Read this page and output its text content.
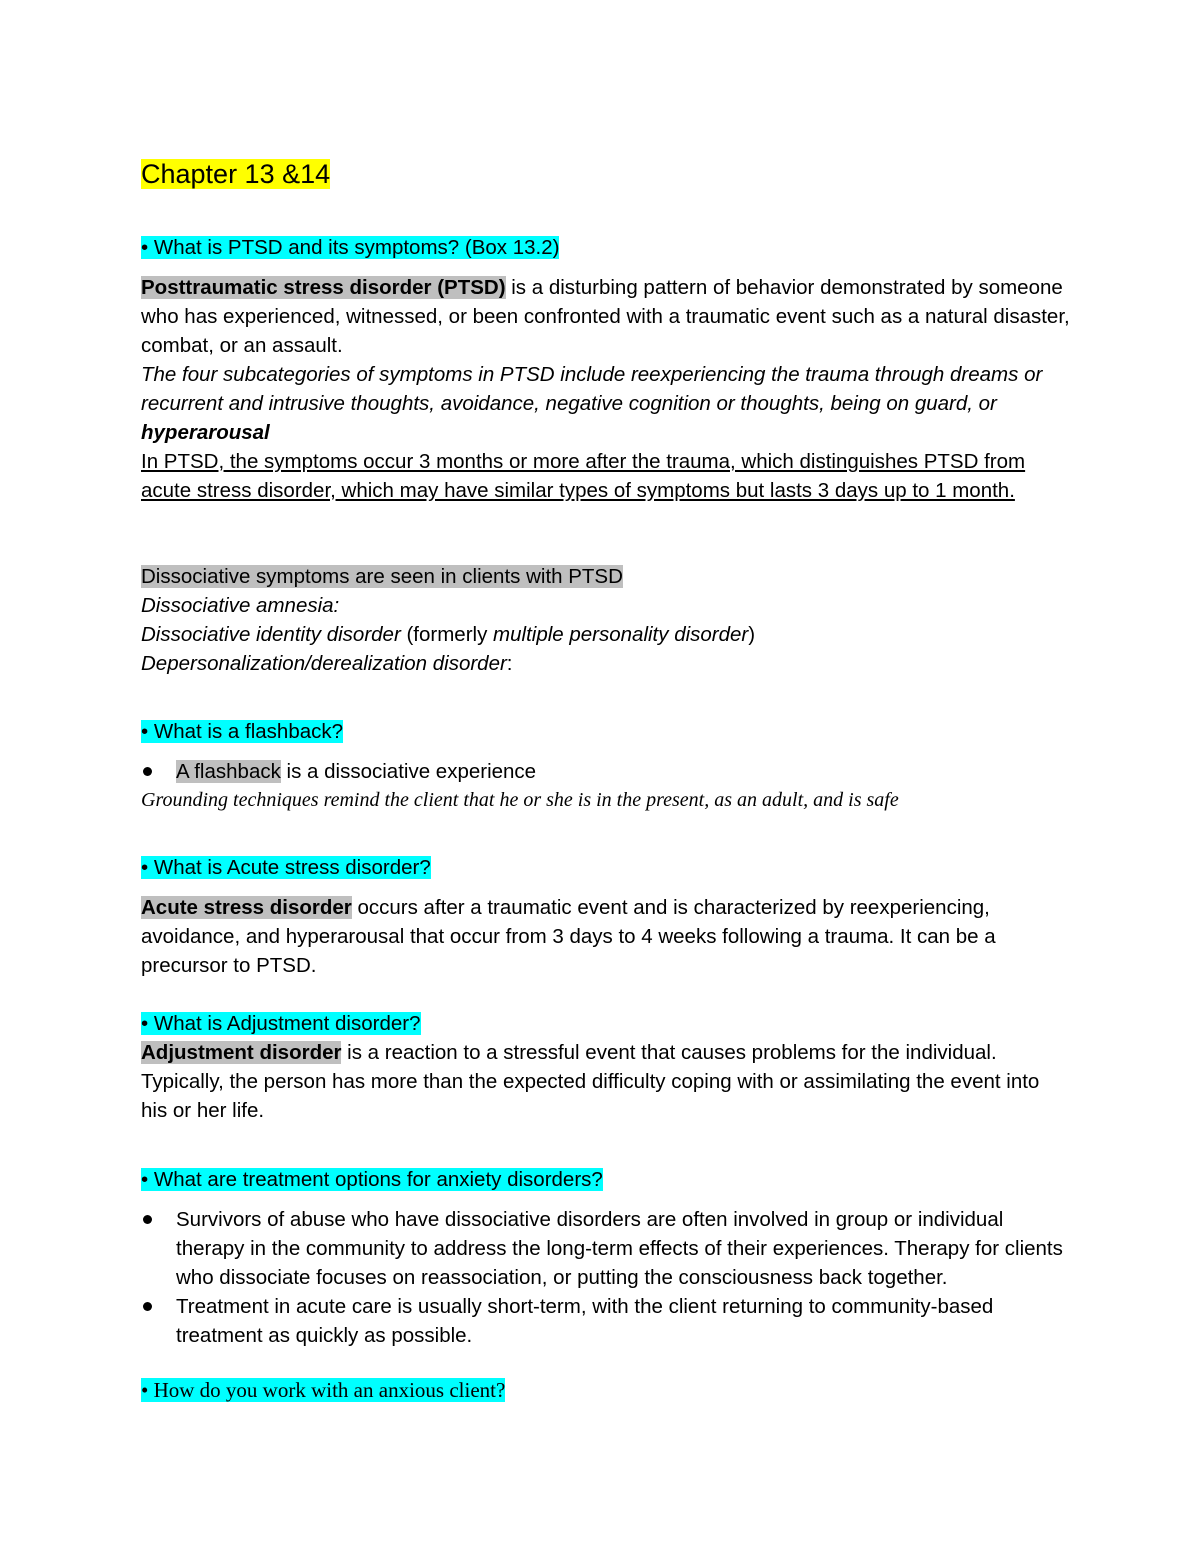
Chapter 13 &14
• What is PTSD and its symptoms? (Box 13.2)
Posttraumatic stress disorder (PTSD) is a disturbing pattern of behavior demonstrated by someone who has experienced, witnessed, or been confronted with a traumatic event such as a natural disaster, combat, or an assault.
The four subcategories of symptoms in PTSD include reexperiencing the trauma through dreams or recurrent and intrusive thoughts, avoidance, negative cognition or thoughts, being on guard, or hyperarousal
In PTSD, the symptoms occur 3 months or more after the trauma, which distinguishes PTSD from acute stress disorder, which may have similar types of symptoms but lasts 3 days up to 1 month.
Dissociative symptoms are seen in clients with PTSD
Dissociative amnesia:
Dissociative identity disorder (formerly multiple personality disorder)
Depersonalization/derealization disorder:
• What is a flashback?
A flashback is a dissociative experience
Grounding techniques remind the client that he or she is in the present, as an adult, and is safe
• What is Acute stress disorder?
Acute stress disorder occurs after a traumatic event and is characterized by reexperiencing, avoidance, and hyperarousal that occur from 3 days to 4 weeks following a trauma. It can be a precursor to PTSD.
• What is Adjustment disorder?
Adjustment disorder is a reaction to a stressful event that causes problems for the individual. Typically, the person has more than the expected difficulty coping with or assimilating the event into his or her life.
• What are treatment options for anxiety disorders?
Survivors of abuse who have dissociative disorders are often involved in group or individual therapy in the community to address the long-term effects of their experiences. Therapy for clients who dissociate focuses on reassociation, or putting the consciousness back together.
Treatment in acute care is usually short-term, with the client returning to community-based treatment as quickly as possible.
• How do you work with an anxious client?
